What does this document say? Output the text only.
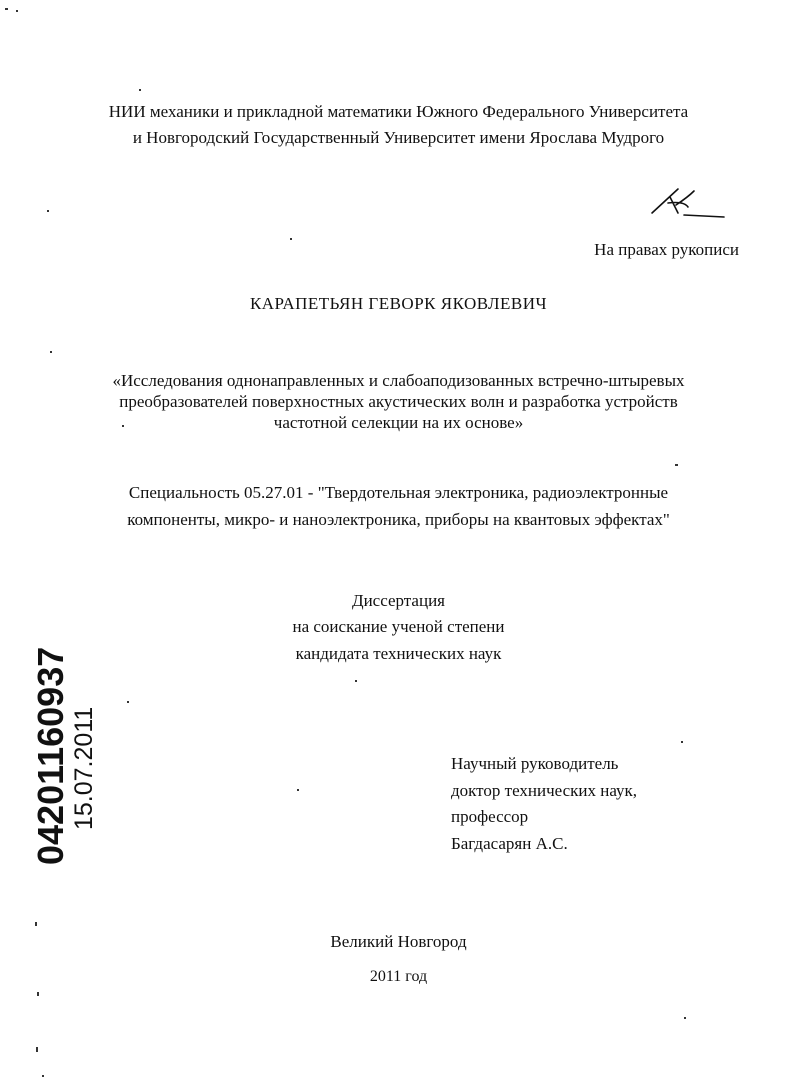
НИИ механики и прикладной математики Южного Федерального Университета
и Новгородский Государственный Университет имени Ярослава Мудрого
На правах рукописи
КАРАПЕТЬЯН ГЕВОРК ЯКОВЛЕВИЧ
«Исследования однонаправленных и слабоаподизованных встречно-штыревых
преобразователей поверхностных акустических волн и разработка устройств
частотной селекции на их основе»
Специальность 05.27.01 - "Твердотельная электроника, радиоэлектронные
компоненты, микро- и наноэлектроника, приборы на квантовых эффектах"
Диссертация
на соискание ученой степени
кандидата технических наук
Научный руководитель
доктор технических наук,
профессор
Багдасарян А.С.
Великий Новгород
2011 год
04201160937 15.07.2011
